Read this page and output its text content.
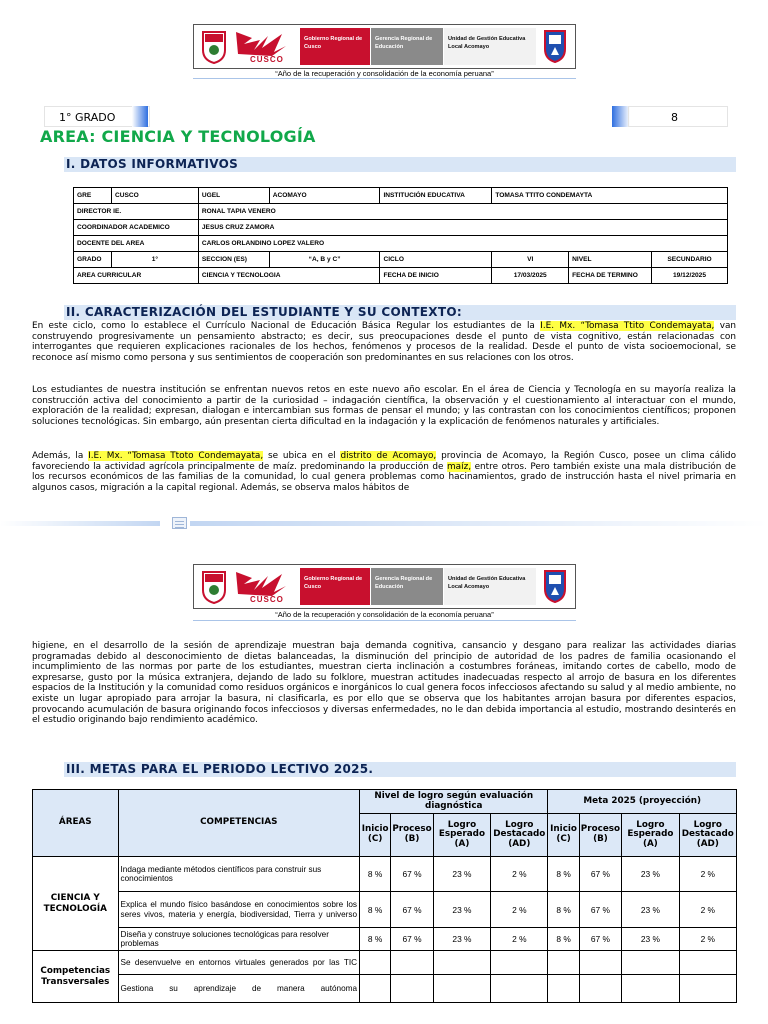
CUSCO
Gobierno Regional de Cusco
Gerencia Regional de Educación
Unidad de Gestión Educativa Local Acomayo
“Año de la recuperación y consolidación de la economía peruana”
1° GRADO	8
AREA: CIENCIA Y TECNOLOGÍA
I. DATOS INFORMATIVOS
GRE	CUSCO	UGEL	ACOMAYO	INSTITUCIÓN EDUCATIVA	TOMASA TTITO CONDEMAYTA		
DIRECTOR IE.		RONAL TAPIA VENERO					
COORDINADOR ACADEMICO		JESUS CRUZ ZAMORA					
DOCENTE DEL AREA		CARLOS ORLANDINO LOPEZ VALERO					
GRADO	1°	SECCION (ES)	“A, B y C”	CICLO	VI	NIVEL	SECUNDARIO
AREA CURRICULAR		CIENCIA Y TECNOLOGIA		FECHA DE INICIO	17/03/2025	FECHA DE TERMINO	19/12/2025
II. CARACTERIZACIÓN DEL ESTUDIANTE Y SU CONTEXTO:

En este ciclo, como lo establece el Currículo Nacional de Educación Básica Regular los estudiantes de la I.E. Mx. “Tomasa Ttito Condemayata, van construyendo progresivamente un pensamiento abstracto; es decir, sus preocupaciones desde el punto de vista cognitivo, están relacionadas con interrogantes que requieren explicaciones racionales de los hechos, fenómenos y procesos de la realidad. Desde el punto de vista socioemocional, se reconoce así mismo como persona y sus sentimientos de cooperación son predominantes en sus relaciones con los otros.

Los estudiantes de nuestra institución se enfrentan nuevos retos en este nuevo año escolar. En el área de Ciencia y Tecnología en su mayoría realiza la construcción activa del conocimiento a partir de la curiosidad – indagación científica, la observación y el cuestionamiento al interactuar con el mundo, exploración de la realidad; expresan, dialogan e intercambian sus formas de pensar el mundo; y las contrastan con los conocimientos científicos; proponen soluciones tecnológicas. Sin embargo, aún presentan cierta dificultad en la indagación y la explicación de fenómenos naturales y artificiales.

Además, la I.E. Mx. “Tomasa Ttoto Condemayata, se ubica en el distrito de Acomayo, provincia de Acomayo, la Región Cusco, posee un clima cálido favoreciendo la actividad agrícola principalmente de maíz. predominando la producción de maíz, entre otros. Pero también existe una mala distribución de los recursos económicos de las familias de la comunidad, lo cual genera problemas como hacinamientos, grado de instrucción hasta el nivel primaria en algunos casos, migración a la capital regional. Además, se observa malos hábitos de

CUSCO
Gobierno Regional de Cusco
Gerencia Regional de Educación
Unidad de Gestión Educativa Local Acomayo
“Año de la recuperación y consolidación de la economía peruana”

higiene, en el desarrollo de la sesión de aprendizaje muestran baja demanda cognitiva, cansancio y desgano para realizar las actividades diarias programadas debido al desconocimiento de dietas balanceadas, la disminución del principio de autoridad de los padres de familia ocasionando el incumplimiento de las normas por parte de los estudiantes, muestran cierta inclinación a costumbres foráneas, imitando cortes de cabello, modo de expresarse, gusto por la música extranjera, dejando de lado su folklore, muestran actitudes inadecuadas respecto al arrojo de basura en los diferentes espacios de la Institución y la comunidad como residuos orgánicos e inorgánicos lo cual genera focos infecciosos afectando su salud y al medio ambiente, no existe un lugar apropiado para arrojar la basura, ni clasificarla, es por ello que se observa que los habitantes arrojan basura por diferentes espacios, provocando acumulación de basura originando focos infecciosos y diversas enfermedades, no le dan debida importancia al estudio, mostrando desinterés en el estudio originando bajo rendimiento académico.

III. METAS PARA EL PERIODO LECTIVO 2025.
ÁREAS	COMPETENCIAS	Nivel de logro según evaluación diagnóstica				Meta 2025 (proyección)			
		Inicio (C)	Proceso (B)	Logro Esperado (A)	Logro Destacado (AD)	Inicio (C)	Proceso (B)	Logro Esperado (A)	Logro Destacado (AD)
CIENCIA Y TECNOLOGÍA	Indaga mediante métodos científicos para construir sus conocimientos	8 %	67 %	23 %	2 %	8 %	67 %	23 %	2 %
	Explica el mundo físico basándose en conocimientos sobre los seres vivos, materia y energía, biodiversidad, Tierra y universo	8 %	67 %	23 %	2 %	8 %	67 %	23 %	2 %
	Diseña y construye soluciones tecnológicas para resolver problemas	8 %	67 %	23 %	2 %	8 %	67 %	23 %	2 %
Competencias Transversales	Se desenvuelve en entornos virtuales generados por las TIC								
	Gestiona su aprendizaje de manera autónoma								
